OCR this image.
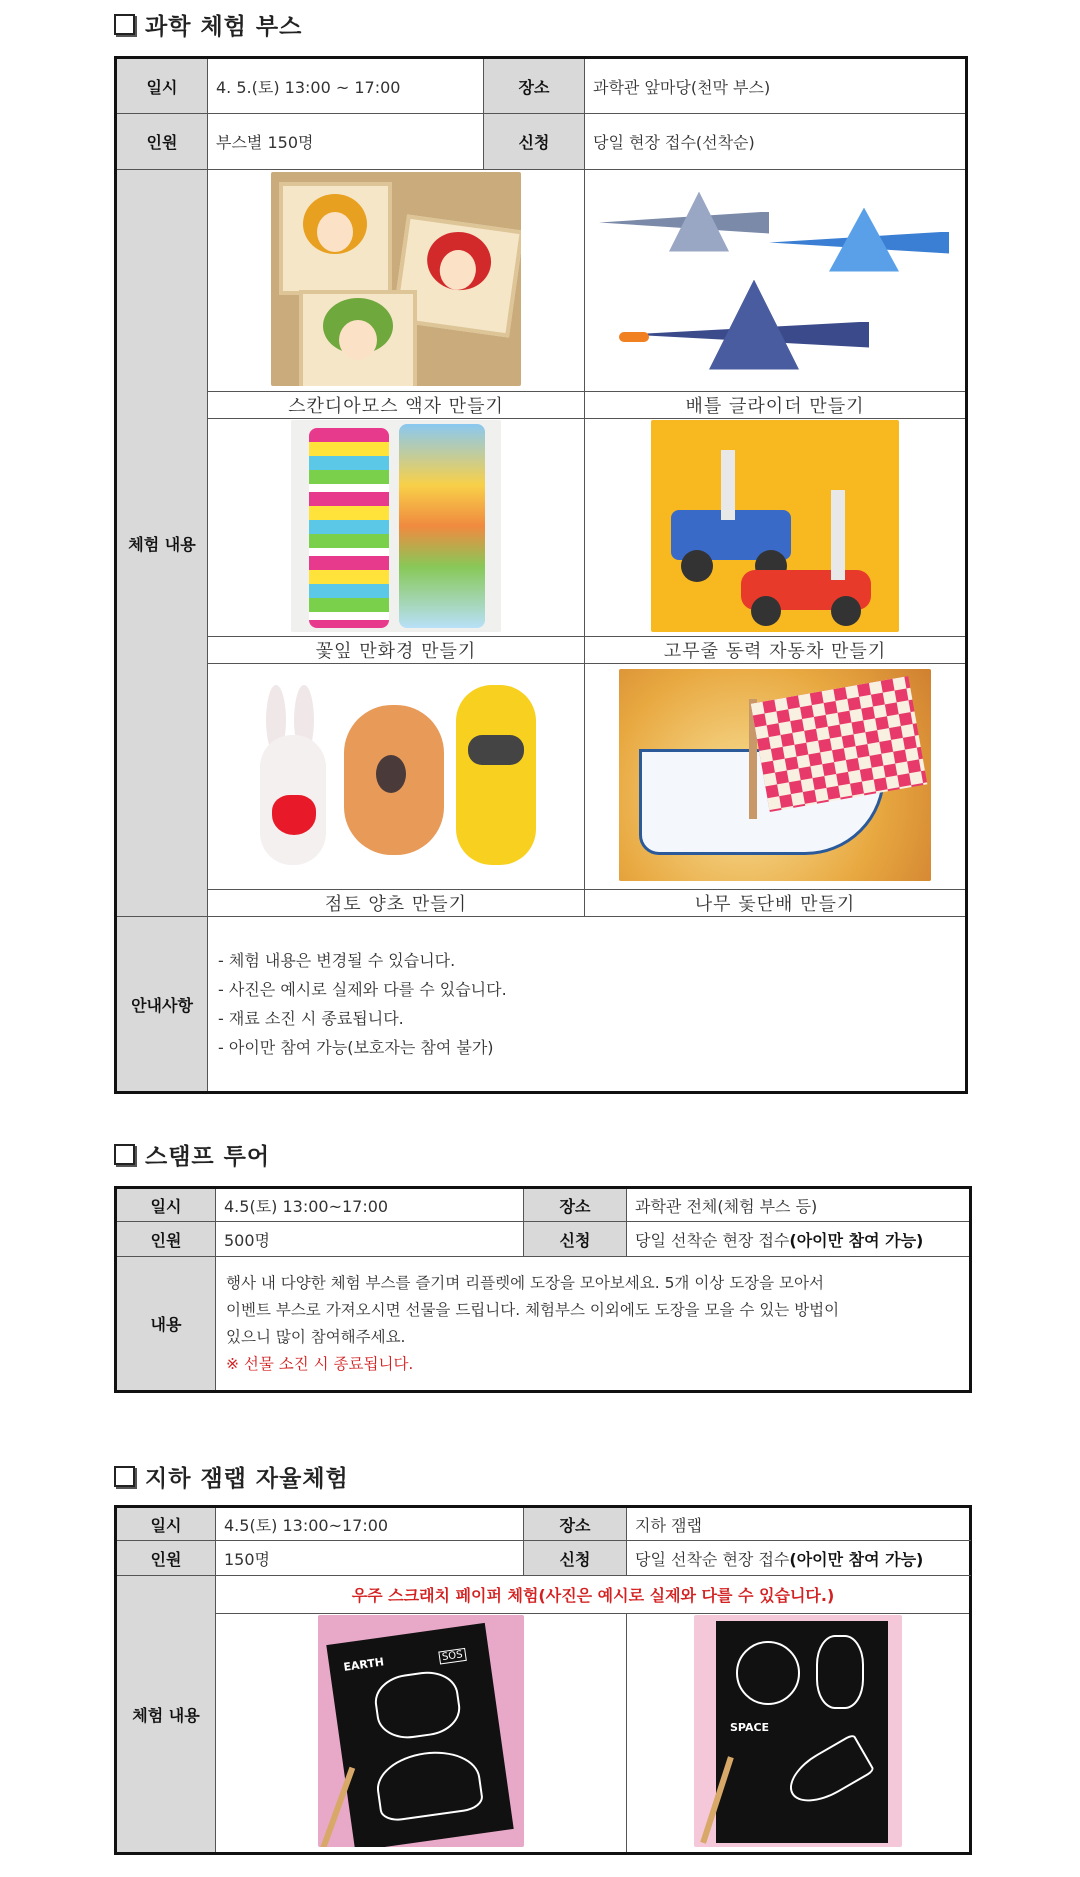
과학 체험 부스
일시	4. 5.(토) 13:00 ~ 17:00	장소	과학관 앞마당(천막 부스)
인원	부스별 150명	신청	당일 현장 접수(선착순)
체험 내용		

	스칸디아모스 액자 만들기		배틀 글라이더 만들기

	꽃잎 만화경 만들기		고무줄 동력 자동차 만들기

	점토 양초 만들기		나무 돛단배 만들기
안내사항	- 체험 내용은 변경될 수 있습니다.
- 사진은 예시로 실제와 다를 수 있습니다.
- 재료 소진 시 종료됩니다.
- 아이만 참여 가능(보호자는 참여 불가)		
스탬프 투어
일시	4.5(토) 13:00~17:00	장소	과학관 전체(체험 부스 등)
인원	500명	신청	당일 선착순 현장 접수(아이만 참여 가능)
내용	행사 내 다양한 체험 부스를 즐기며 리플렛에 도장을 모아보세요. 5개 이상 도장을 모아서
이벤트 부스로 가져오시면 선물을 드립니다. 체험부스 이외에도 도장을 모을 수 있는 방법이
있으니 많이 참여해주세요.
※ 선물 소진 시 종료됩니다.		
지하 잼랩 자율체험
일시	4.5(토) 13:00~17:00	장소	지하 잼랩
인원	150명	신청	당일 선착순 현장 접수(아이만 참여 가능)
체험 내용	우주 스크래치 페이퍼 체험(사진은 예시로 실제와 다를 수 있습니다.)		

	EARTH SOS		SPACE
